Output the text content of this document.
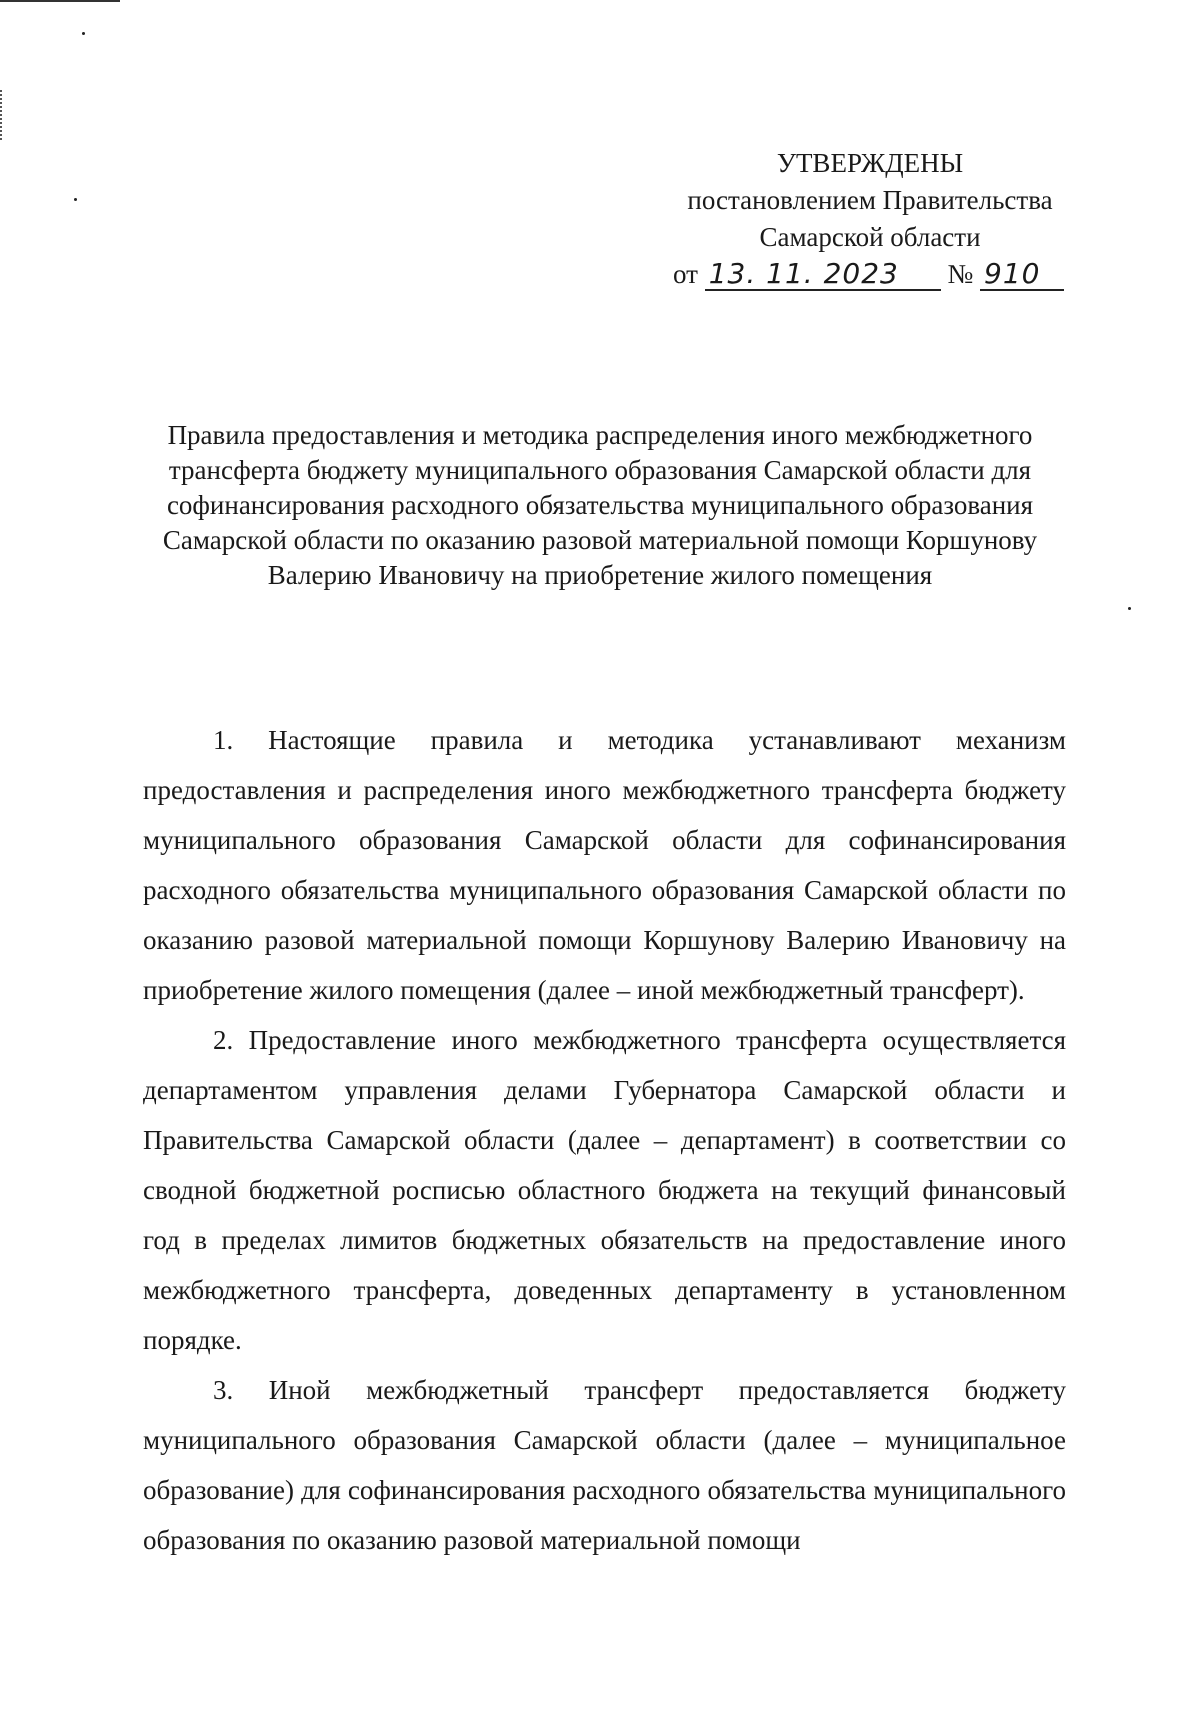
УТВЕРЖДЕНЫ
постановлением Правительства
Самарской области
от 13. 11. 2023 № 910
Правила предоставления и методика распределения иного межбюджетного трансферта бюджету муниципального образования Самарской области для софинансирования расходного обязательства муниципального образования Самарской области по оказанию разовой материальной помощи Коршунову Валерию Ивановичу на приобретение жилого помещения

1. Настоящие правила и методика устанавливают механизм предоставления и распределения иного межбюджетного трансферта бюджету муниципального образования Самарской области для софинансирования расходного обязательства муниципального образования Самарской области по оказанию разовой материальной помощи Коршунову Валерию Ивановичу на приобретение жилого помещения (далее – иной межбюджетный трансферт).

2. Предоставление иного межбюджетного трансферта осуществляется департаментом управления делами Губернатора Самарской области и Правительства Самарской области (далее – департамент) в соответствии со сводной бюджетной росписью областного бюджета на текущий финансовый год в пределах лимитов бюджетных обязательств на предоставление иного межбюджетного трансферта, доведенных департаменту в установленном порядке.

3. Иной межбюджетный трансферт предоставляется бюджету муниципального образования Самарской области (далее – муниципальное образование) для софинансирования расходного обязательства муниципального образования по оказанию разовой материальной помощи
